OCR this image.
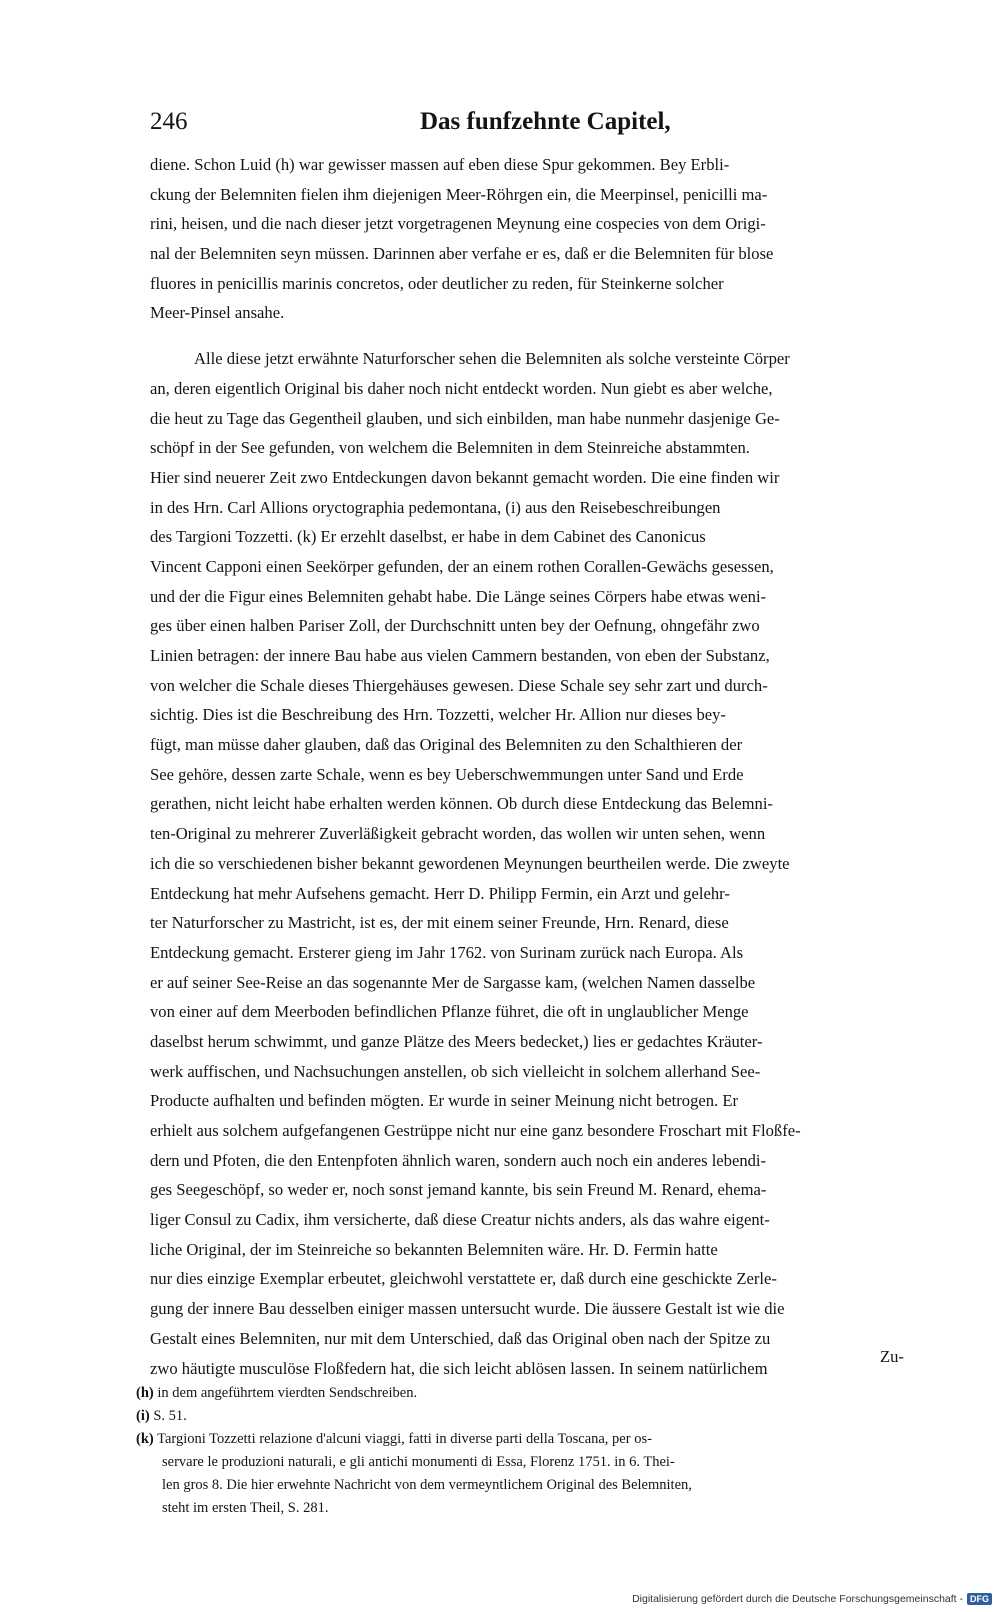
246	Das funfzehnte Capitel,
diene. Schon Luid (h) war gewisser massen auf eben diese Spur gekommen. Bey Erbli-
ckung der Belemniten fielen ihm diejenigen Meer-Röhrgen ein, die Meerpinsel, penicilli ma-
rini, heisen, und die nach dieser jetzt vorgetragenen Meynung eine cospecies von dem Origi-
nal der Belemniten seyn müssen. Darinnen aber verfahe er es, daß er die Belemniten für blose
fluores in penicillis marinis concretos, oder deutlicher zu reden, für Steinkerne solcher
Meer-Pinsel ansahe.
Alle diese jetzt erwähnte Naturforscher sehen die Belemniten als solche versteinte Cörper
an, deren eigentlich Original bis daher noch nicht entdeckt worden. Nun giebt es aber welche,
die heut zu Tage das Gegentheil glauben, und sich einbilden, man habe nunmehr dasjenige Ge-
schöpf in der See gefunden, von welchem die Belemniten in dem Steinreiche abstammten.
Hier sind neuerer Zeit zwo Entdeckungen davon bekannt gemacht worden. Die eine finden wir
in des Hrn. Carl Allions oryctographia pedemontana, (i) aus den Reisebeschreibungen
des Targioni Tozzetti. (k) Er erzehlt daselbst, er habe in dem Cabinet des Canonicus
Vincent Capponi einen Seekörper gefunden, der an einem rothen Corallen-Gewächs gesessen,
und der die Figur eines Belemniten gehabt habe. Die Länge seines Cörpers habe etwas weni-
ges über einen halben Pariser Zoll, der Durchschnitt unten bey der Oefnung, ohngefähr zwo
Linien betragen: der innere Bau habe aus vielen Cammern bestanden, von eben der Substanz,
von welcher die Schale dieses Thiergehäuses gewesen. Diese Schale sey sehr zart und durch-
sichtig. Dies ist die Beschreibung des Hrn. Tozzetti, welcher Hr. Allion nur dieses bey-
fügt, man müsse daher glauben, daß das Original des Belemniten zu den Schalthieren der
See gehöre, dessen zarte Schale, wenn es bey Ueberschwemmungen unter Sand und Erde
gerathen, nicht leicht habe erhalten werden können. Ob durch diese Entdeckung das Belemni-
ten-Original zu mehrerer Zuverläßigkeit gebracht worden, das wollen wir unten sehen, wenn
ich die so verschiedenen bisher bekannt gewordenen Meynungen beurtheilen werde. Die zweyte
Entdeckung hat mehr Aufsehens gemacht. Herr D. Philipp Fermin, ein Arzt und gelehr-
ter Naturforscher zu Mastricht, ist es, der mit einem seiner Freunde, Hrn. Renard, diese
Entdeckung gemacht. Ersterer gieng im Jahr 1762. von Surinam zurück nach Europa. Als
er auf seiner See-Reise an das sogenannte Mer de Sargasse kam, (welchen Namen dasselbe
von einer auf dem Meerboden befindlichen Pflanze führet, die oft in unglaublicher Menge
daselbst herum schwimmt, und ganze Plätze des Meers bedecket,) lies er gedachtes Kräuter-
werk auffischen, und Nachsuchungen anstellen, ob sich vielleicht in solchem allerhand See-
Producte aufhalten und befinden mögten. Er wurde in seiner Meinung nicht betrogen. Er
erhielt aus solchem aufgefangenen Gestrüppe nicht nur eine ganz besondere Froschart mit Floßfe-
dern und Pfoten, die den Entenpfoten ähnlich waren, sondern auch noch ein anderes lebendi-
ges Seegeschöpf, so weder er, noch sonst jemand kannte, bis sein Freund M. Renard, ehema-
liger Consul zu Cadix, ihm versicherte, daß diese Creatur nichts anders, als das wahre eigent-
liche Original, der im Steinreiche so bekannten Belemniten wäre. Hr. D. Fermin hatte
nur dies einzige Exemplar erbeutet, gleichwohl verstattete er, daß durch eine geschickte Zerle-
gung der innere Bau desselben einiger massen untersucht wurde. Die äussere Gestalt ist wie die
Gestalt eines Belemniten, nur mit dem Unterschied, daß das Original oben nach der Spitze zu
zwo häutigte musculöse Floßfedern hat, die sich leicht ablösen lassen. In seinem natürlichem
Zu-
(h) in dem angeführtem vierdten Sendschreiben.
(i) S. 51.
(k) Targioni Tozzetti relazione d'alcuni viaggi, fatti in diverse parti della Toscana, per os-
servare le produzioni naturali, e gli antichi monumenti di Essa, Florenz 1751. in 6. Thei-
len gros 8. Die hier erwehnte Nachricht von dem vermeyntlichem Original des Belemniten,
steht im ersten Theil, S. 281.
Digitalisierung gefördert durch die Deutsche Forschungsgemeinschaft - DFG
